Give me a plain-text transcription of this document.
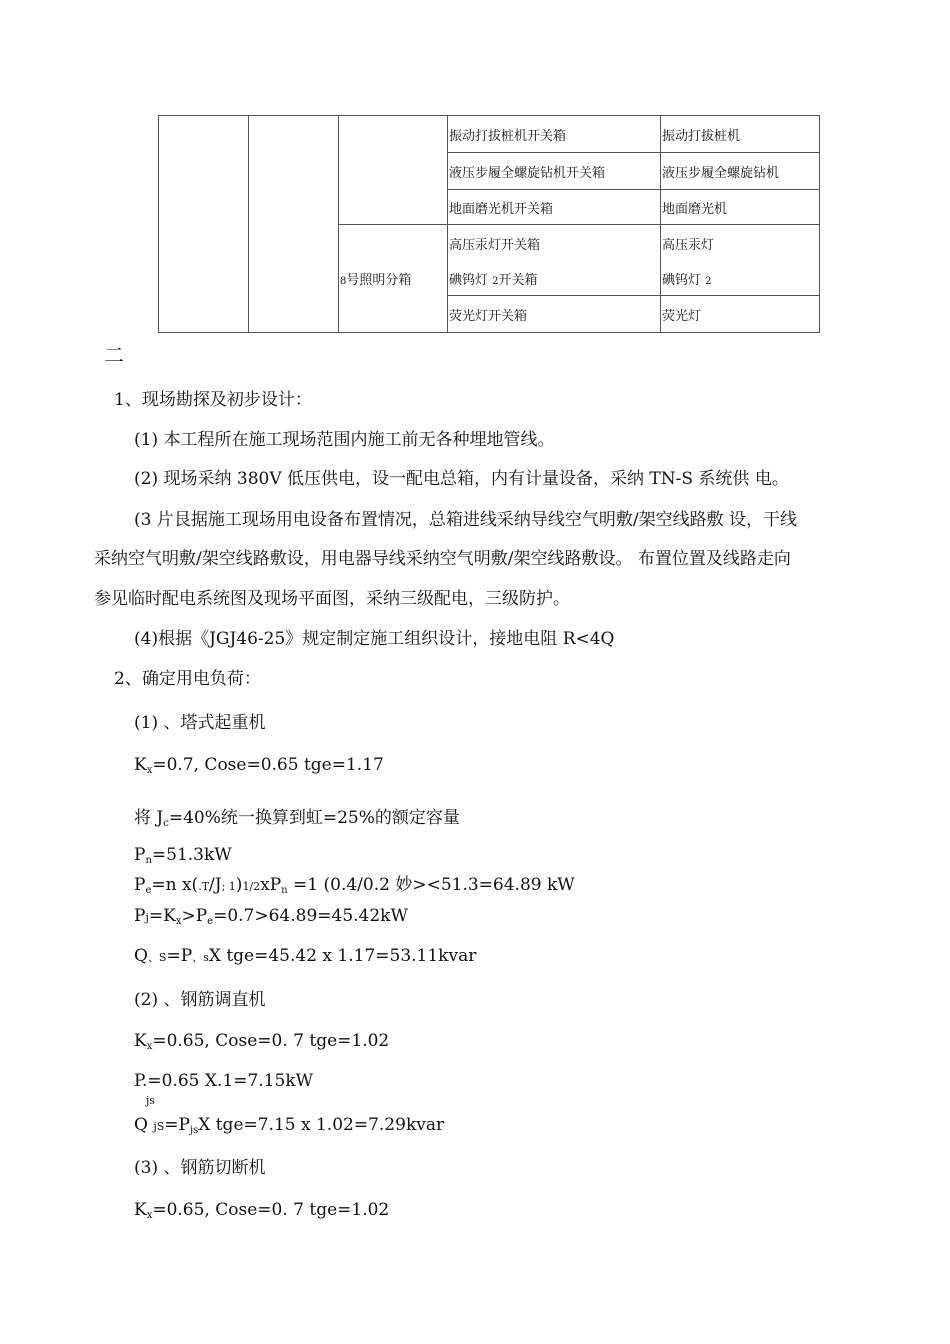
			振动打拔桩机开关箱	振动打拔桩机
			液压步履全螺旋钻机开关箱	液压步履全螺旋钻机
			地面磨光机开关箱	地面磨光机
		8号照明分箱	高压汞灯开关箱	高压汞灯
			碘钨灯 2开关箱	碘钨灯 2
			荧光灯开关箱	荧光灯
二
1、现场勘探及初步设计：
(1) 本工程所在施工现场范围内施工前无各种埋地管线。
(2) 现场采纳 380V 低压供电，设一配电总箱，内有计量设备，采纳 TN-S 系统供 电。
(3 片艮据施工现场用电设备布置情况，总箱进线采纳导线空气明敷/架空线路敷 设，干线
采纳空气明敷/架空线路敷设，用电器导线采纳空气明敷/架空线路敷设。 布置位置及线路走向
参见临时配电系统图及现场平面图，采纳三级配电，三级防护。
(4)根据《JGJ46-25》规定制定施工组织设计，接地电阻 R<4Q
2、确定用电负荷：
(1) 、塔式起重机
Kx=0.7, Cose=0.65 tge=1.17
将 Jc=40%统一换算到虹=25%的额定容量
Pn=51.3kW
Pe=n x(.T/J; 1)1/2xPn =1 (0.4/0.2 妙><51.3=64.89 kW
Pj=Kx>Pe=0.7>64.89=45.42kW
Q、S=P、sX tge=45.42 x 1.17=53.11kvar
(2) 、钢筋调直机
Kx=0.65, Cose=0. 7 tge=1.02
P.=0.65 X.1=7.15kW
js
Q jS=PjsX tge=7.15 x 1.02=7.29kvar
(3) 、钢筋切断机
Kx=0.65, Cose=0. 7 tge=1.02
